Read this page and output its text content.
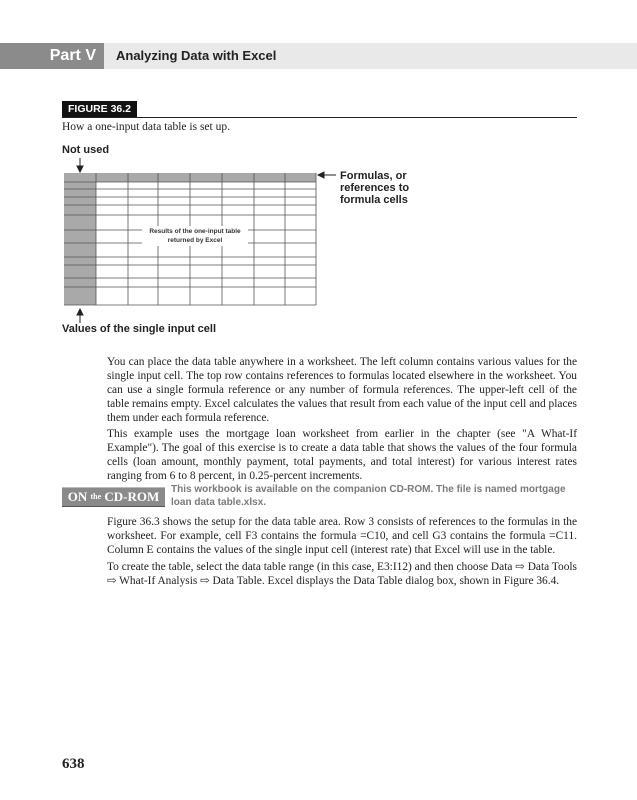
Part V	Analyzing Data with Excel
FIGURE 36.2
How a one-input data table is set up.
Not used
Formulas, or references to formula cells
Values of the single input cell
Results of the one-input table returned by Excel

You can place the data table anywhere in a worksheet. The left column contains various values for the single input cell. The top row contains references to formulas located elsewhere in the worksheet. You can use a single formula reference or any number of formula references. The upper-left cell of the table remains empty. Excel calculates the values that result from each value of the input cell and places them under each formula reference.

This example uses the mortgage loan worksheet from earlier in the chapter (see "A What-If Example"). The goal of this exercise is to create a data table that shows the values of the four formula cells (loan amount, monthly payment, total payments, and total interest) for various interest rates ranging from 6 to 8 percent, in 0.25-percent increments.

ON the CD-ROM	This workbook is available on the companion CD-ROM. The file is named mortgage loan data table.xlsx.

Figure 36.3 shows the setup for the data table area. Row 3 consists of references to the formulas in the worksheet. For example, cell F3 contains the formula =C10, and cell G3 contains the formula =C11. Column E contains the values of the single input cell (interest rate) that Excel will use in the table.

To create the table, select the data table range (in this case, E3:I12) and then choose Data ⇨ Data Tools ⇨ What-If Analysis ⇨ Data Table. Excel displays the Data Table dialog box, shown in Figure 36.4.

638
